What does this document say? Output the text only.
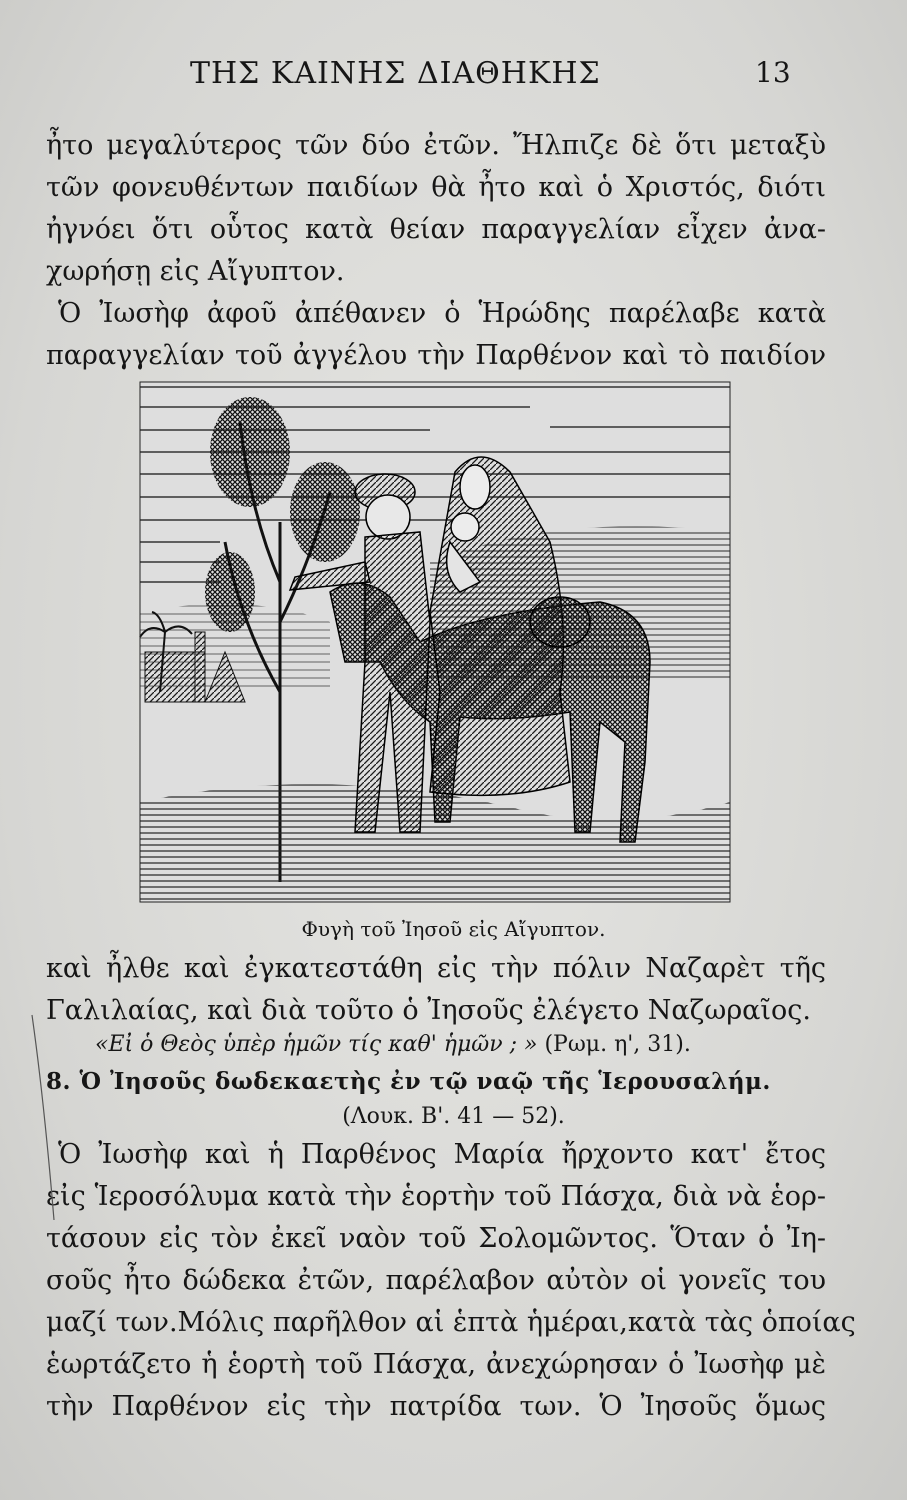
ΤΗΣ ΚΑΙΝΗΣ ΔΙΑΘΗΚΗΣ	13
ἦτο μεγαλύτερος τῶν δύο ἐτῶν. Ἤλπιζε δὲ ὅτι μεταξὺ
τῶν φονευθέντων παιδίων θὰ ἦτο καὶ ὁ Χριστός, διότι
ἠγνόει ὅτι οὗτος κατὰ θείαν παραγγελίαν εἶχεν ἀνα-
χωρήσῃ εἰς Αἴγυπτον.
Ὁ Ἰωσὴφ ἀφοῦ ἀπέθανεν ὁ Ἡρώδης παρέλαβε κατὰ
παραγγελίαν τοῦ ἀγγέλου τὴν Παρθένον καὶ τὸ παιδίον
Φυγὴ τοῦ Ἰησοῦ εἰς Αἴγυπτον.
καὶ ἦλθε καὶ ἐγκατεστάθη εἰς τὴν πόλιν Ναζαρὲτ τῆς
Γαλιλαίας, καὶ διὰ τοῦτο ὁ Ἰησοῦς ἐλέγετο Ναζωραῖος.
«Εἰ ὁ Θεὸς ὑπὲρ ἡμῶν τίς καθ' ἡμῶν ; » (Ρωμ. η', 31).
8. Ὁ Ἰησοῦς δωδεκαετὴς ἐν τῷ ναῷ τῆς Ἱερουσαλήμ.
(Λουκ. Β'. 41 — 52).
Ὁ Ἰωσὴφ καὶ ἡ Παρθένος Μαρία ἤρχοντο κατ' ἔτος
εἰς Ἱεροσόλυμα κατὰ τὴν ἑορτὴν τοῦ Πάσχα, διὰ νὰ ἑορ-
τάσουν εἰς τὸν ἐκεῖ ναὸν τοῦ Σολομῶντος. Ὅταν ὁ Ἰη-
σοῦς ἦτο δώδεκα ἐτῶν, παρέλαβον αὐτὸν οἱ γονεῖς του
μαζί των.Μόλις παρῆλθον αἱ ἑπτὰ ἡμέραι,κατὰ τὰς ὁποίας
ἑωρτάζετο ἡ ἑορτὴ τοῦ Πάσχα, ἀνεχώρησαν ὁ Ἰωσὴφ μὲ
τὴν Παρθένον εἰς τὴν πατρίδα των. Ὁ Ἰησοῦς ὅμως
